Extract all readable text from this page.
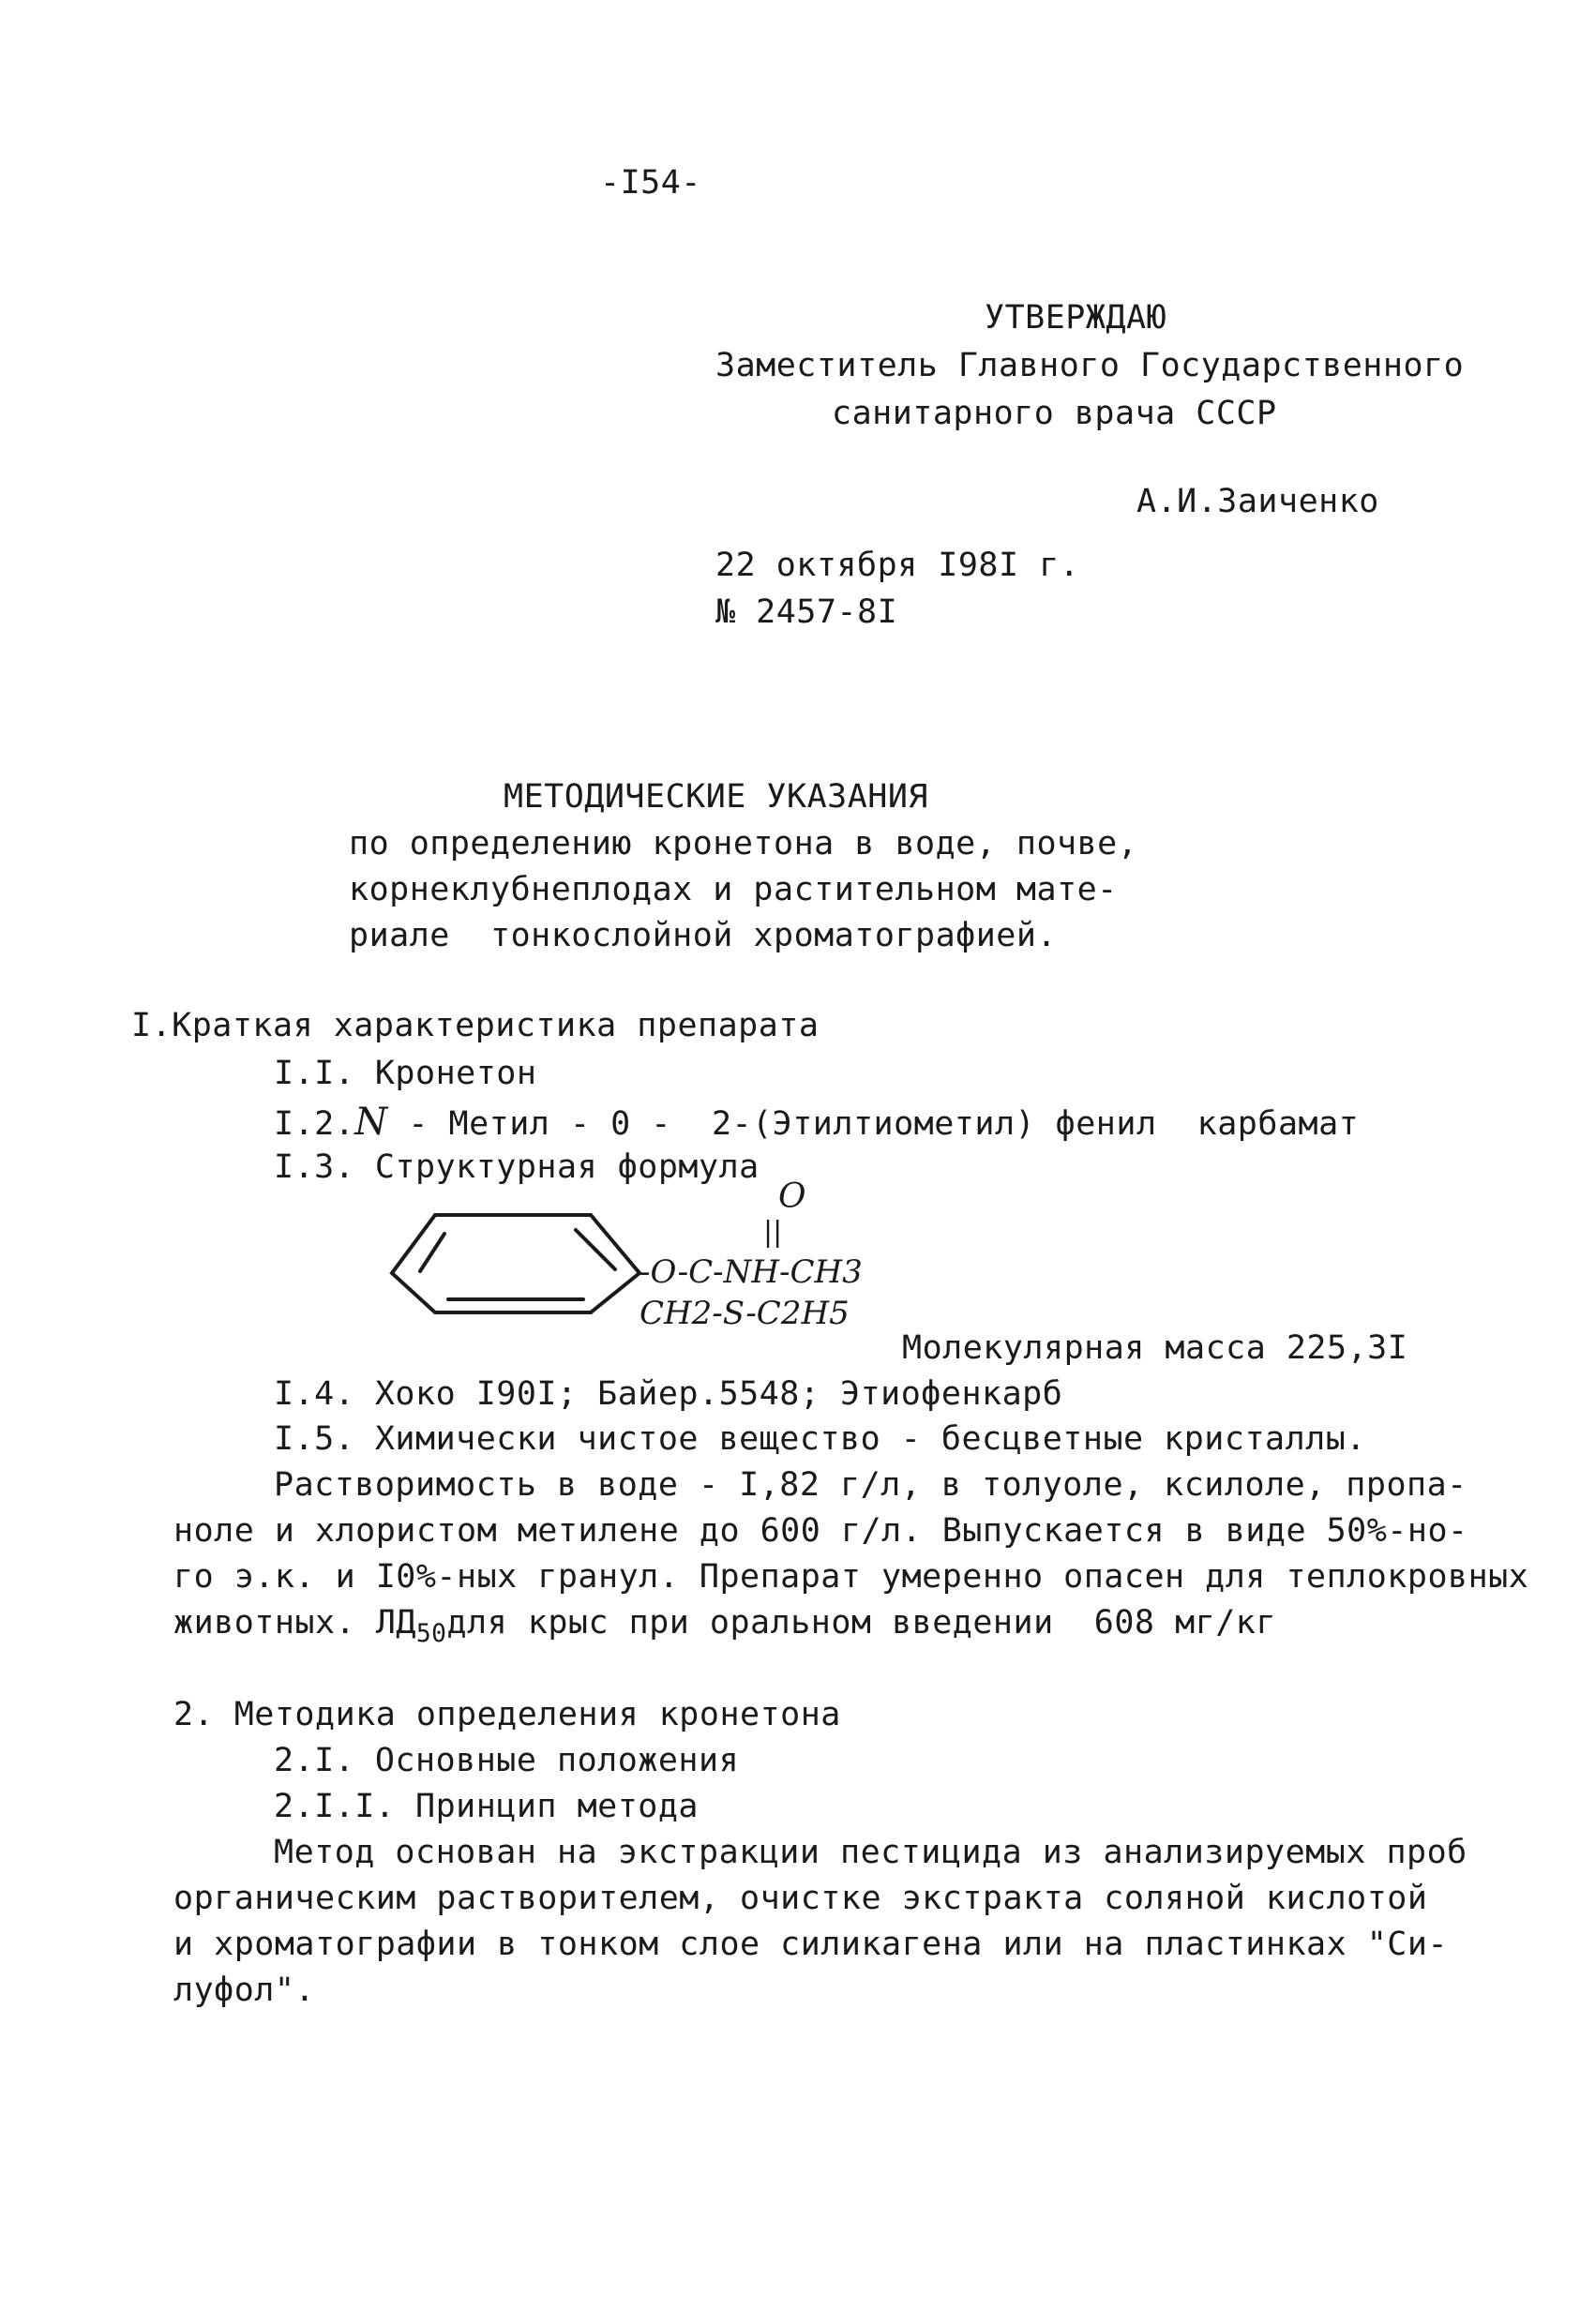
-I54-
УТВЕРЖДАЮ
Заместитель Главного Государственного
санитарного врача СССР
А.И.Заиченко
22 октября I98I г.
№ 2457-8I
МЕТОДИЧЕСКИЕ УКАЗАНИЯ
по определению кронетона в воде, почве,
корнеклубнеплодах и растительном мате-
риале  тонкослойной хроматографией.
I.Краткая характеристика препарата
I.I. Кронетон
I.2.N - Метил - 0 -  2-(Этилтиометил) фенил  карбамат
I.3. Структурная формула
O
||
-O-C-NH-CH3
CH2-S-C2H5
Молекулярная масса 225,3I
I.4. Хоко I90I; Байер.5548; Этиофенкарб
I.5. Химически чистое вещество - бесцветные кристаллы.
Растворимость в воде - I,82 г/л, в толуоле, ксилоле, пропа-
ноле и хлористом метилене до 600 г/л. Выпускается в виде 50%-но-
го э.к. и I0%-ных гранул. Препарат умеренно опасен для теплокровных
животных. $ЛД_{50}для$ крыс при оральном введении  608 мг/кг
2. Методика определения кронетона
2.I. Основные положения
2.I.I. Принцип метода
Метод основан на экстракции пестицида из анализируемых проб
органическим растворителем, очистке экстракта соляной кислотой
и хроматографии в тонком слое силикагена или на пластинках "Си-
луфол".
